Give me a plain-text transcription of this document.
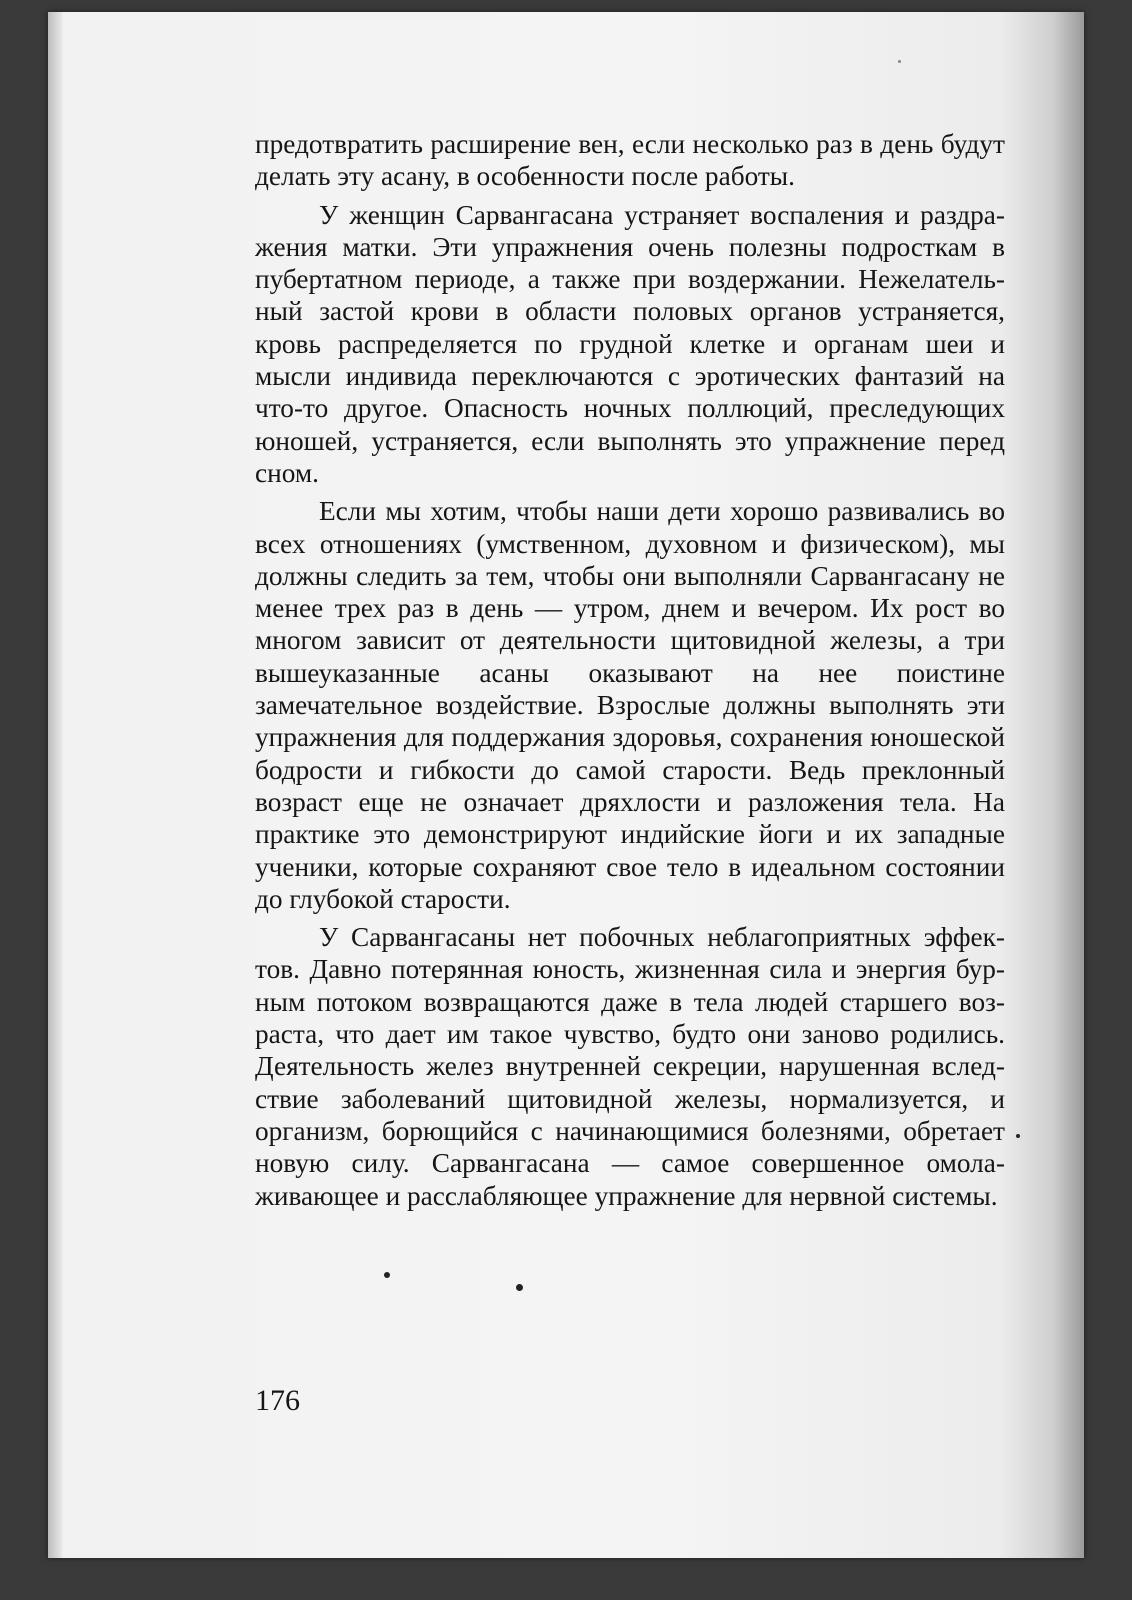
предотвратить расширение вен, если несколько раз в день будут делать эту асану, в особенности после работы.

У женщин Сарвангасана устраняет воспаления и раздражения матки. Эти упражнения очень полезны подросткам в пубертатном периоде, а также при воздержании. Нежелательный застой крови в области половых органов устраняется, кровь распределяется по грудной клетке и органам шеи и мысли индивида переключаются с эротических фантазий на что-то другое. Опасность ночных поллюций, преследующих юношей, устраняется, если выполнять это упражнение перед сном.

Если мы хотим, чтобы наши дети хорошо развивались во всех отношениях (умственном, духовном и физическом), мы должны следить за тем, чтобы они выполняли Сарвангасану не менее трех раз в день — утром, днем и вечером. Их рост во многом зависит от деятельности щитовидной железы, а три вышеуказанные асаны оказывают на нее поистине замечательное воздействие. Взрослые должны выполнять эти упражнения для поддержания здоровья, сохранения юношеской бодрости и гибкости до самой старости. Ведь преклонный возраст еще не означает дряхлости и разложения тела. На практике это демонстрируют индийские йоги и их западные ученики, которые сохраняют свое тело в идеальном состоянии до глубокой старости.

У Сарвангасаны нет побочных неблагоприятных эффектов. Давно потерянная юность, жизненная сила и энергия бурным потоком возвращаются даже в тела людей старшего возраста, что дает им такое чувство, будто они заново родились. Деятельность желез внутренней секреции, нарушенная вследствие заболеваний щитовидной железы, нормализуется, и организм, борющийся с начинающимися болезнями, обретает новую силу. Сарвангасана — самое совершенное омолаживающее и расслабляющее упражнение для нервной системы.

176
